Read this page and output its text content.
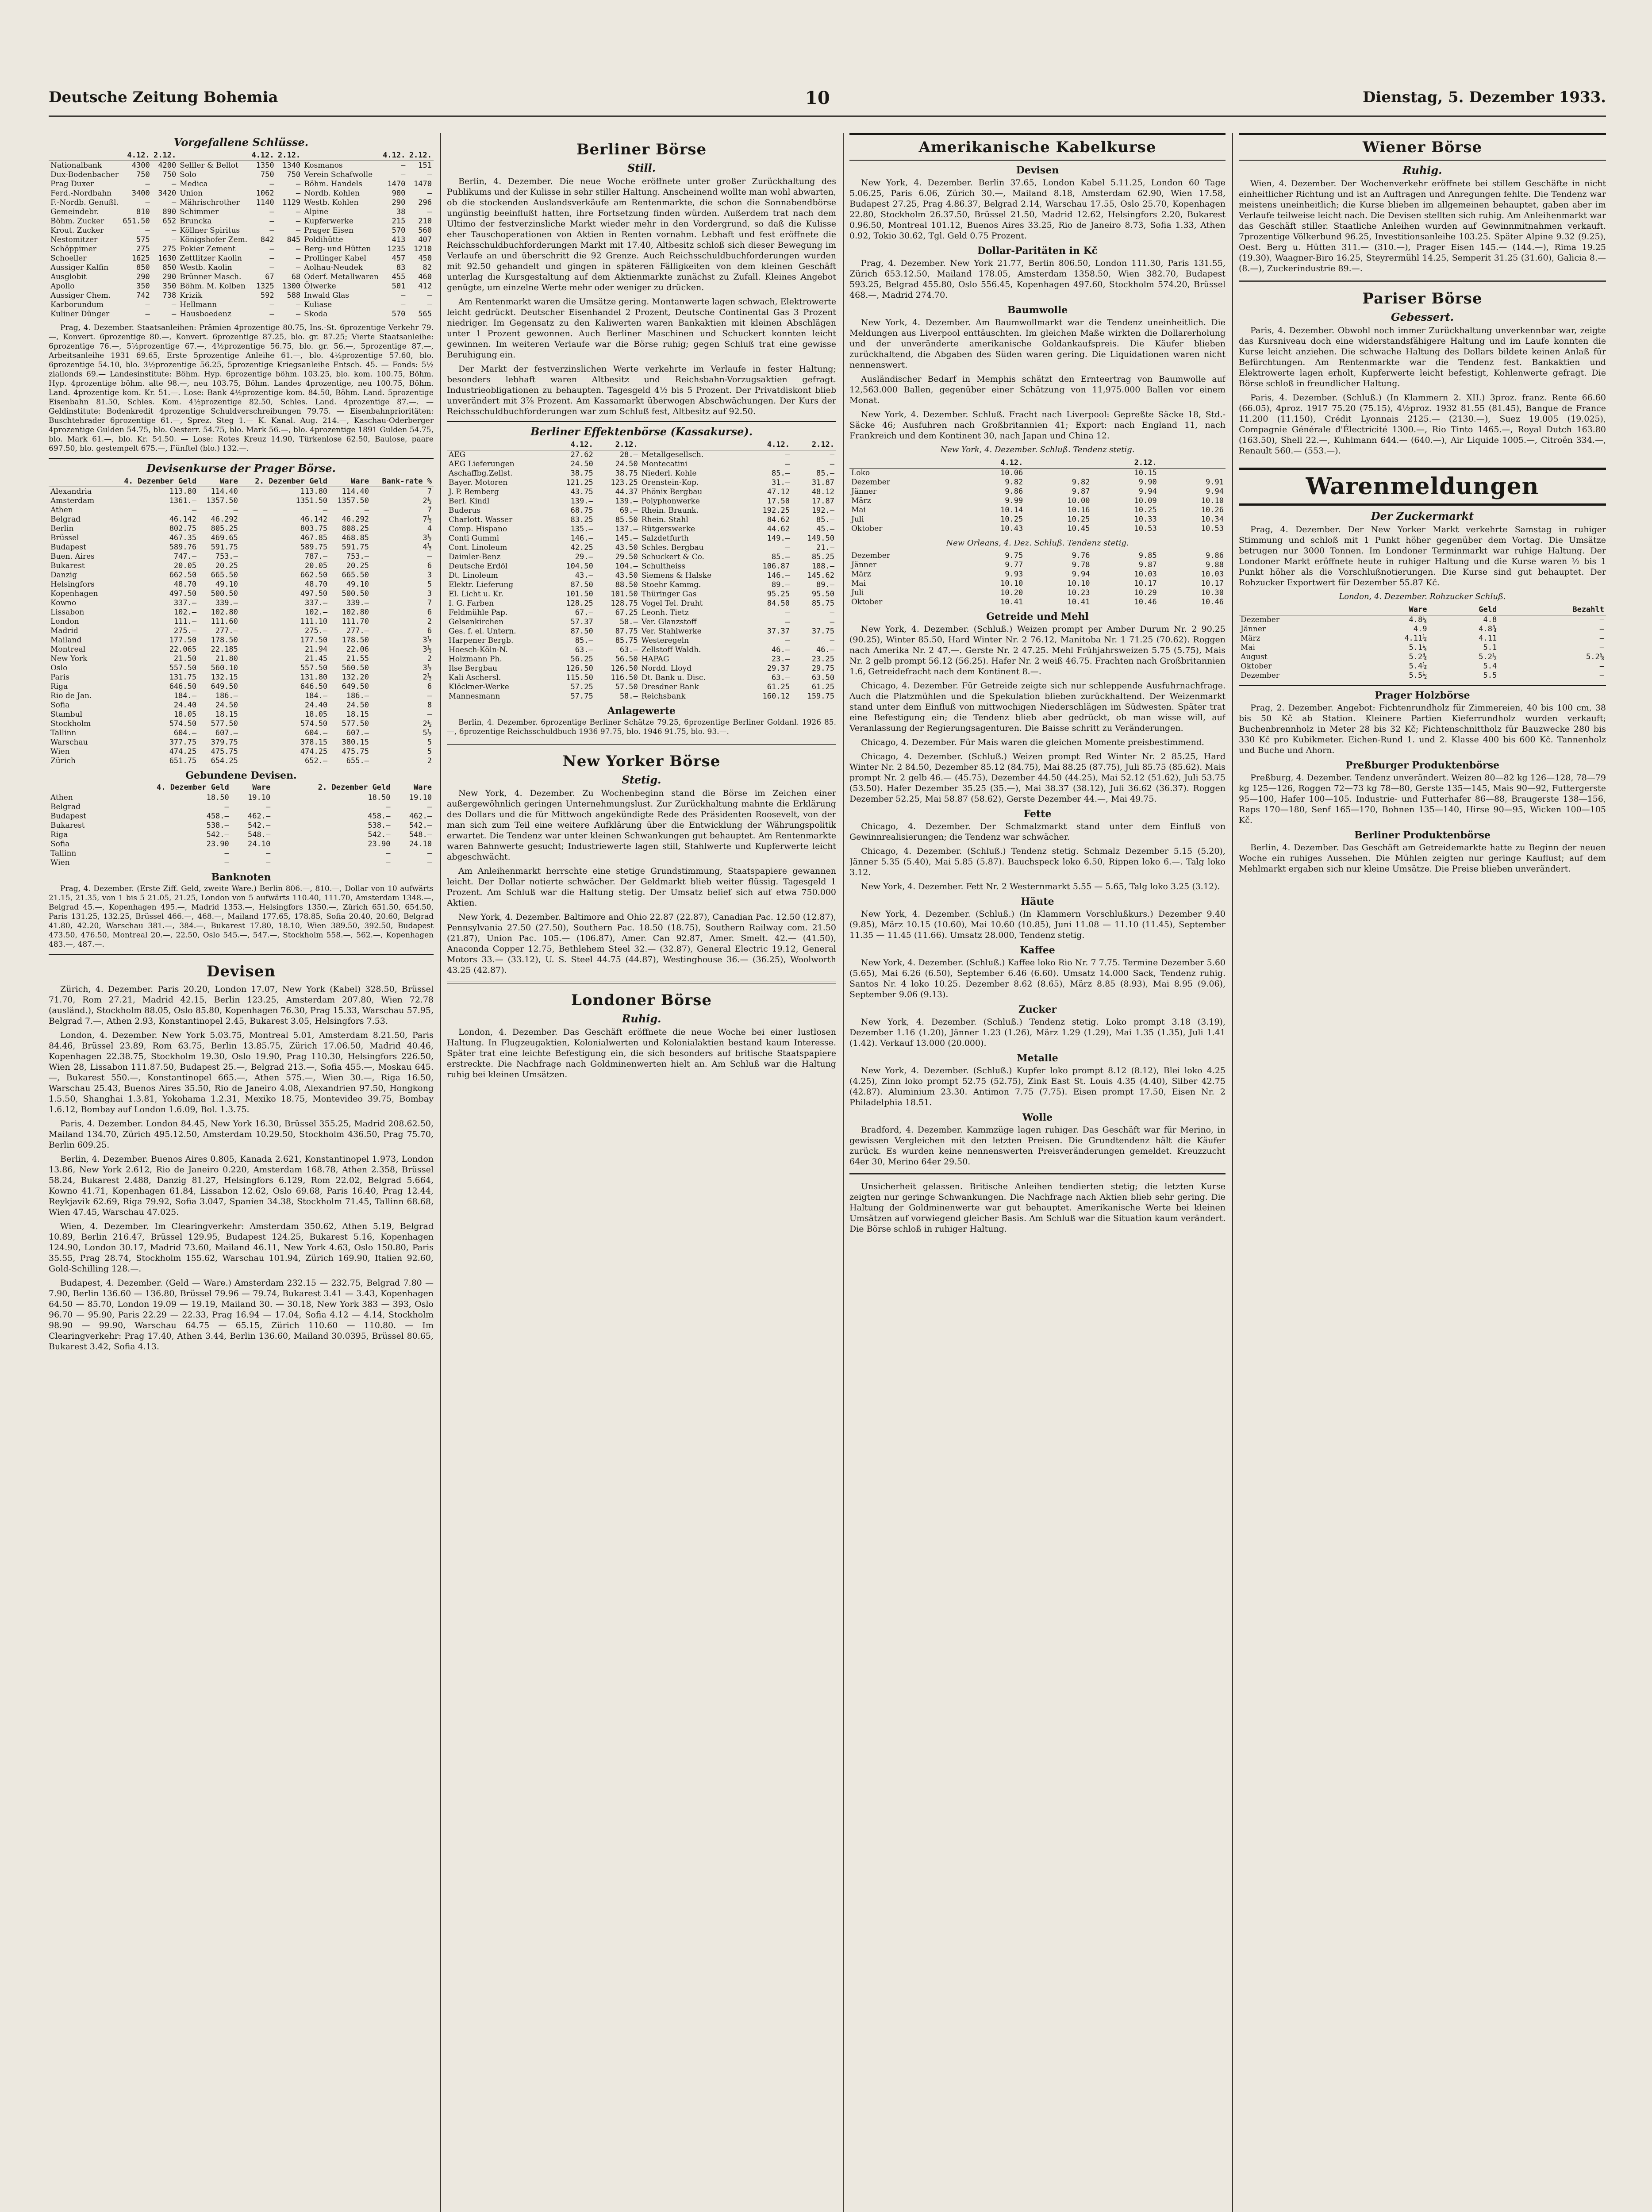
Deutsche Zeitung Bohemia	10	Dienstag, 5. Dezember 1933.
Vorgefallene Schlüsse.
	4.12.	2.12.		4.12.	2.12.		4.12.	2.12.
Nationalbank	4300	4200	Selller & Bellot	1350	1340	Kosmanos	—	151
Dux-Bodenbacher	750	750	Solo	750	750	Verein Schafwolle	—	—
Prag Duxer	—	—	Medica	—	—	Böhm. Handels	1470	1470
Ferd.-Nordbahn	3400	3420	Union	1062	—	Nordb. Kohlen	900	—
F.-Nordb. Genußl.	—	—	Mährischrother	1140	1129	Westb. Kohlen	290	296
Gemeindebr.	810	890	Schimmer	—	—	Alpine	38	—
Böhm. Zucker	651.50	652	Bruncka	—	—	Kupferwerke	215	210
Krout. Zucker	—	—	Köllner Spiritus	—	—	Prager Eisen	570	560
Nestomitzer	575	—	Königshofer Zem.	842	845	Poldihütte	413	407
Schöppimer	275	275	Pokier Zement	—	—	Berg- und Hütten	1235	1210
Schoeller	1625	1630	Zettlitzer Kaolin	—	—	Prollinger Kabel	457	450
Aussiger Kalfin	850	850	Westb. Kaolin	—	—	Aolhau-Neudek	83	82
Ausglobit	290	290	Brünner Masch.	67	68	Oderf. Metallwaren	455	460
Apollo	350	350	Böhm. M. Kolben	1325	1300	Ölwerke	501	412
Aussiger Chem.	742	738	Krizik	592	588	Inwald Glas	—	—
Karborundum	—	—	Hellmann	—	—	Kuliase	—	—
Kuliner Dünger	—	—	Hausboedenz	—	—	Skoda	570	565

Prag, 4. Dezember. Staatsanleihen: Prämien 4prozentige 80.75, Ins.-St. 6prozentige Verkehr 79.—, Konvert. 6prozentige 80.—, Konvert. 6prozentige 87.25, blo. gr. 87.25; Vierte Staatsanleihe: 6prozentige 76.—, 5½prozentige 67.—, 4½prozentige 56.75, blo. gr. 56.—, 5prozentige 87.—, Arbeitsanleihe 1931 69.65, Erste 5prozentige Anleihe 61.—, blo. 4½prozentige 57.60, blo. 6prozentige 54.10, blo. 3½prozentige 56.25, 5prozentige Kriegsanleihe Entsch. 45. — Fonds: 5½ ziallonds 69.— Landesinstitute: Böhm. Hyp. 6prozentige böhm. 103.25, blo. kom. 100.75, Böhm. Hyp. 4prozentige böhm. alte 98.—, neu 103.75, Böhm. Landes 4prozentige, neu 100.75, Böhm. Land. 4prozentige kom. Kr. 51.—. Lose: Bank 4½prozentige kom. 84.50, Böhm. Land. 5prozentige Eisenbahn 81.50, Schles. Kom. 4½prozentige 82.50, Schles. Land. 4prozentige 87.—. — Geldinstitute: Bodenkredit 4prozentige Schuldverschreibungen 79.75. — Eisenbahnprioritäten: Buschtehrader 6prozentige 61.—, Sprez. Steg 1.— K. Kanal. Aug. 214.—, Kaschau-Oderberger 4prozentige Gulden 54.75, blo. Oesterr. 54.75, blo. Mark 56.—, blo. 4prozentige 1891 Gulden 54.75, blo. Mark 61.—, blo. Kr. 54.50. — Lose: Rotes Kreuz 14.90, Türkenlose 62.50, Baulose, paare 697.50, blo. gestempelt 675.—, Fünftel (blo.) 132.—.

Devisenkurse der Prager Börse.
	4. Dezember Geld	Ware	2. Dezember Geld	Ware	Bank-rate %
Alexandria	113.80	114.40	113.80	114.40	7
Amsterdam	1361.—	1357.50	1351.50	1357.50	2½
Athen	—	—	—	—	7
Belgrad	46.142	46.292	46.142	46.292	7½
Berlin	802.75	805.25	803.75	808.25	4
Brüssel	467.35	469.65	467.85	468.85	3½
Budapest	589.76	591.75	589.75	591.75	4½
Buen. Aires	747.—	753.—	787.—	753.—	—
Bukarest	20.05	20.25	20.05	20.25	6
Danzig	662.50	665.50	662.50	665.50	3
Helsingfors	48.70	49.10	48.70	49.10	5
Kopenhagen	497.50	500.50	497.50	500.50	3
Kowno	337.—	339.—	337.—	339.—	7
Lissabon	102.—	102.80	102.—	102.80	6
London	111.—	111.60	111.10	111.70	2
Madrid	275.—	277.—	275.—	277.—	6
Mailand	177.50	178.50	177.50	178.50	3½
Montreal	22.065	22.185	21.94	22.06	3½
New York	21.50	21.80	21.45	21.55	2
Oslo	557.50	560.10	557.50	560.50	3½
Paris	131.75	132.15	131.80	132.20	2½
Riga	646.50	649.50	646.50	649.50	6
Rio de Jan.	184.—	186.—	184.—	186.—	—
Sofia	24.40	24.50	24.40	24.50	8
Stambul	18.05	18.15	18.05	18.15	—
Stockholm	574.50	577.50	574.50	577.50	2½
Tallinn	604.—	607.—	604.—	607.—	5½
Warschau	377.75	379.75	378.15	380.15	5
Wien	474.25	475.75	474.25	475.75	5
Zürich	651.75	654.25	652.—	655.—	2
Gebundene Devisen.
	4. Dezember Geld	Ware	2. Dezember Geld	Ware
Athen	18.50	19.10	18.50	19.10
Belgrad	—	—	—	—
Budapest	458.—	462.—	458.—	462.—
Bukarest	538.—	542.—	538.—	542.—
Riga	542.—	548.—	542.—	548.—
Sofia	23.90	24.10	23.90	24.10
Tallinn	—	—	—	—
Wien	—	—	—	—
Banknoten

Prag, 4. Dezember. (Erste Ziff. Geld, zweite Ware.) Berlin 806.—, 810.—, Dollar von 10 aufwärts 21.15, 21.35, von 1 bis 5 21.05, 21.25, London von 5 aufwärts 110.40, 111.70, Amsterdam 1348.—, Belgrad 45.—, Kopenhagen 495.—, Madrid 1353.—, Helsingfors 1350.—, Zürich 651.50, 654.50, Paris 131.25, 132.25, Brüssel 466.—, 468.—, Mailand 177.65, 178.85, Sofia 20.40, 20.60, Belgrad 41.80, 42.20, Warschau 381.—, 384.—, Bukarest 17.80, 18.10, Wien 389.50, 392.50, Budapest 473.50, 476.50, Montreal 20.—, 22.50, Oslo 545.—, 547.—, Stockholm 558.—, 562.—, Kopenhagen 483.—, 487.—.

Devisen

Zürich, 4. Dezember. Paris 20.20, London 17.07, New York (Kabel) 328.50, Brüssel 71.70, Rom 27.21, Madrid 42.15, Berlin 123.25, Amsterdam 207.80, Wien 72.78 (ausländ.), Stockholm 88.05, Oslo 85.80, Kopenhagen 76.30, Prag 15.33, Warschau 57.95, Belgrad 7.—, Athen 2.93, Konstantinopel 2.45, Bukarest 3.05, Helsingfors 7.53.

London, 4. Dezember. New York 5.03.75, Montreal 5.01, Amsterdam 8.21.50, Paris 84.46, Brüssel 23.89, Rom 63.75, Berlin 13.85.75, Zürich 17.06.50, Madrid 40.46, Kopenhagen 22.38.75, Stockholm 19.30, Oslo 19.90, Prag 110.30, Helsingfors 226.50, Wien 28, Lissabon 111.87.50, Budapest 25.—, Belgrad 213.—, Sofia 455.—, Moskau 645.—, Bukarest 550.—, Konstantinopel 665.—, Athen 575.—, Wien 30.—, Riga 16.50, Warschau 25.43, Buenos Aires 35.50, Rio de Janeiro 4.08, Alexandrien 97.50, Hongkong 1.5.50, Shanghai 1.3.81, Yokohama 1.2.31, Mexiko 18.75, Montevideo 39.75, Bombay 1.6.12, Bombay auf London 1.6.09, Bol. 1.3.75.

Paris, 4. Dezember. London 84.45, New York 16.30, Brüssel 355.25, Madrid 208.62.50, Mailand 134.70, Zürich 495.12.50, Amsterdam 10.29.50, Stockholm 436.50, Prag 75.70, Berlin 609.25.

Berlin, 4. Dezember. Buenos Aires 0.805, Kanada 2.621, Konstantinopel 1.973, London 13.86, New York 2.612, Rio de Janeiro 0.220, Amsterdam 168.78, Athen 2.358, Brüssel 58.24, Bukarest 2.488, Danzig 81.27, Helsingfors 6.129, Rom 22.02, Belgrad 5.664, Kowno 41.71, Kopenhagen 61.84, Lissabon 12.62, Oslo 69.68, Paris 16.40, Prag 12.44, Reykjavik 62.69, Riga 79.92, Sofia 3.047, Spanien 34.38, Stockholm 71.45, Tallinn 68.68, Wien 47.45, Warschau 47.025.

Wien, 4. Dezember. Im Clearingverkehr: Amsterdam 350.62, Athen 5.19, Belgrad 10.89, Berlin 216.47, Brüssel 129.95, Budapest 124.25, Bukarest 5.16, Kopenhagen 124.90, London 30.17, Madrid 73.60, Mailand 46.11, New York 4.63, Oslo 150.80, Paris 35.55, Prag 28.74, Stockholm 155.62, Warschau 101.94, Zürich 169.90, Italien 92.60, Gold-Schilling 128.—.

Budapest, 4. Dezember. (Geld — Ware.) Amsterdam 232.15 — 232.75, Belgrad 7.80 — 7.90, Berlin 136.60 — 136.80, Brüssel 79.96 — 79.74, Bukarest 3.41 — 3.43, Kopenhagen 64.50 — 85.70, London 19.09 — 19.19, Mailand 30. — 30.18, New York 383 — 393, Oslo 96.70 — 95.90, Paris 22.29 — 22.33, Prag 16.94 — 17.04, Sofia 4.12 — 4.14, Stockholm 98.90 — 99.90, Warschau 64.75 — 65.15, Zürich 110.60 — 110.80. — Im Clearingverkehr: Prag 17.40, Athen 3.44, Berlin 136.60, Mailand 30.0395, Brüssel 80.65, Bukarest 3.42, Sofia 4.13.

Berliner Börse
Still.

Berlin, 4. Dezember. Die neue Woche eröffnete unter großer Zurückhaltung des Publikums und der Kulisse in sehr stiller Haltung. Anscheinend wollte man wohl abwarten, ob die stockenden Auslandsverkäufe am Rentenmarkte, die schon die Sonnabendbörse ungünstig beeinflußt hatten, ihre Fortsetzung finden würden. Außerdem trat nach dem Ultimo der festverzinsliche Markt wieder mehr in den Vordergrund, so daß die Kulisse eher Tauschoperationen von Aktien in Renten vornahm. Lebhaft und fest eröffnete die Reichsschuldbuchforderungen Markt mit 17.40, Altbesitz schloß sich dieser Bewegung im Verlaufe an und überschritt die 92 Grenze. Auch Reichsschuldbuchforderungen wurden mit 92.50 gehandelt und gingen in späteren Fälligkeiten von dem kleinen Geschäft unterlag die Kursgestaltung auf dem Aktienmarkte zunächst zu Zufall. Kleines Angebot genügte, um einzelne Werte mehr oder weniger zu drücken.

Am Rentenmarkt waren die Umsätze gering. Montanwerte lagen schwach, Elektrowerte leicht gedrückt. Deutscher Eisenhandel 2 Prozent, Deutsche Continental Gas 3 Prozent niedriger. Im Gegensatz zu den Kaliwerten waren Bankaktien mit kleinen Abschlägen unter 1 Prozent gewonnen. Auch Berliner Maschinen und Schuckert konnten leicht gewinnen. Im weiteren Verlaufe war die Börse ruhig; gegen Schluß trat eine gewisse Beruhigung ein.

Der Markt der festverzinslichen Werte verkehrte im Verlaufe in fester Haltung; besonders lebhaft waren Altbesitz und Reichsbahn-Vorzugsaktien gefragt. Industrieobligationen zu behaupten. Tagesgeld 4½ bis 5 Prozent. Der Privatdiskont blieb unverändert mit 3⅞ Prozent. Am Kassamarkt überwogen Abschwächungen. Der Kurs der Reichsschuldbuchforderungen war zum Schluß fest, Altbesitz auf 92.50.

Berliner Effektenbörse (Kassakurse).
	4.12.	2.12.		4.12.	2.12.
AEG	27.62	28.—	Metallgesellsch.	—	—
AEG Lieferungen	24.50	24.50	Montecatini	—	—
Aschaffbg.Zellst.	38.75	38.75	Niederl. Kohle	85.—	85.—
Bayer. Motoren	121.25	123.25	Orenstein-Kop.	31.—	31.87
J. P. Bemberg	43.75	44.37	Phönix Bergbau	47.12	48.12
Berl. Kindl	139.—	139.—	Polyphonwerke	17.50	17.87
Buderus	68.75	69.—	Rhein. Braunk.	192.25	192.—
Charlott. Wasser	83.25	85.50	Rhein. Stahl	84.62	85.—
Comp. Hispano	135.—	137.—	Rütgerswerke	44.62	45.—
Conti Gummi	146.—	145.—	Salzdetfurth	149.—	149.50
Cont. Linoleum	42.25	43.50	Schles. Bergbau	—	21.—
Daimler-Benz	29.—	29.50	Schuckert & Co.	85.—	85.25
Deutsche Erdöl	104.50	104.—	Schultheiss	106.87	108.—
Dt. Linoleum	43.—	43.50	Siemens & Halske	146.—	145.62
Elektr. Lieferung	87.50	88.50	Stoehr Kammg.	89.—	89.—
El. Licht u. Kr.	101.50	101.50	Thüringer Gas	95.25	95.50
I. G. Farben	128.25	128.75	Vogel Tel. Draht	84.50	85.75
Feldmühle Pap.	67.—	67.25	Leonh. Tietz	—	—
Gelsenkirchen	57.37	58.—	Ver. Glanzstoff	—	—
Ges. f. el. Untern.	87.50	87.75	Ver. Stahlwerke	37.37	37.75
Harpener Bergb.	85.—	85.75	Westeregeln	—	—
Hoesch-Köln-N.	63.—	63.—	Zellstoff Waldh.	46.—	46.—
Holzmann Ph.	56.25	56.50	HAPAG	23.—	23.25
Ilse Bergbau	126.50	126.50	Nordd. Lloyd	29.37	29.75
Kali Aschersl.	115.50	116.50	Dt. Bank u. Disc.	63.—	63.50
Klöckner-Werke	57.25	57.50	Dresdner Bank	61.25	61.25
Mannesmann	57.75	58.—	Reichsbank	160.12	159.75
Anlagewerte

Berlin, 4. Dezember. 6prozentige Berliner Schätze 79.25, 6prozentige Berliner Goldanl. 1926 85.—, 6prozentige Reichsschuldbuch 1936 97.75, blo. 1946 91.75, blo. 93.—.

New Yorker Börse
Stetig.

New York, 4. Dezember. Zu Wochenbeginn stand die Börse im Zeichen einer außergewöhnlich geringen Unternehmungslust. Zur Zurückhaltung mahnte die Erklärung des Dollars und die für Mittwoch angekündigte Rede des Präsidenten Roosevelt, von der man sich zum Teil eine weitere Aufklärung über die Entwicklung der Währungspolitik erwartet. Die Tendenz war unter kleinen Schwankungen gut behauptet. Am Rentenmarkte waren Bahnwerte gesucht; Industriewerte lagen still, Stahlwerte und Kupferwerte leicht abgeschwächt.

Am Anleihenmarkt herrschte eine stetige Grundstimmung, Staatspapiere gewannen leicht. Der Dollar notierte schwächer. Der Geldmarkt blieb weiter flüssig. Tagesgeld 1 Prozent. Am Schluß war die Haltung stetig. Der Umsatz belief sich auf etwa 750.000 Aktien.

New York, 4. Dezember. Baltimore and Ohio 22.87 (22.87), Canadian Pac. 12.50 (12.87), Pennsylvania 27.50 (27.50), Southern Pac. 18.50 (18.75), Southern Railway com. 21.50 (21.87), Union Pac. 105.— (106.87), Amer. Can 92.87, Amer. Smelt. 42.— (41.50), Anaconda Copper 12.75, Bethlehem Steel 32.— (32.87), General Electric 19.12, General Motors 33.— (33.12), U. S. Steel 44.75 (44.87), Westinghouse 36.— (36.25), Woolworth 43.25 (42.87).

Londoner Börse
Ruhig.

London, 4. Dezember. Das Geschäft eröffnete die neue Woche bei einer lustlosen Haltung. In Flugzeugaktien, Kolonialwerten und Kolonialaktien bestand kaum Interesse. Später trat eine leichte Befestigung ein, die sich besonders auf britische Staatspapiere erstreckte. Die Nachfrage nach Goldminenwerten hielt an. Am Schluß war die Haltung ruhig bei kleinen Umsätzen.

Amerikanische Kabelkurse
Devisen

New York, 4. Dezember. Berlin 37.65, London Kabel 5.11.25, London 60 Tage 5.06.25, Paris 6.06, Zürich 30.—, Mailand 8.18, Amsterdam 62.90, Wien 17.58, Budapest 27.25, Prag 4.86.37, Belgrad 2.14, Warschau 17.55, Oslo 25.70, Kopenhagen 22.80, Stockholm 26.37.50, Brüssel 21.50, Madrid 12.62, Helsingfors 2.20, Bukarest 0.96.50, Montreal 101.12, Buenos Aires 33.25, Rio de Janeiro 8.73, Sofia 1.33, Athen 0.92, Tokio 30.62, Tgl. Geld 0.75 Prozent.

Dollar-Paritäten in Kč

Prag, 4. Dezember. New York 21.77, Berlin 806.50, London 111.30, Paris 131.55, Zürich 653.12.50, Mailand 178.05, Amsterdam 1358.50, Wien 382.70, Budapest 593.25, Belgrad 455.80, Oslo 556.45, Kopenhagen 497.60, Stockholm 574.20, Brüssel 468.—, Madrid 274.70.

Baumwolle

New York, 4. Dezember. Am Baumwollmarkt war die Tendenz uneinheitlich. Die Meldungen aus Liverpool enttäuschten. Im gleichen Maße wirkten die Dollarerholung und der unveränderte amerikanische Goldankaufspreis. Die Käufer blieben zurückhaltend, die Abgaben des Süden waren gering. Die Liquidationen waren nicht nennenswert.

Ausländischer Bedarf in Memphis schätzt den Ernteertrag von Baumwolle auf 12,563.000 Ballen, gegenüber einer Schätzung von 11,975.000 Ballen vor einem Monat.

New York, 4. Dezember. Schluß. Fracht nach Liverpool: Gepreßte Säcke 18, Std.-Säcke 46; Ausfuhren nach Großbritannien 41; Export: nach England 11, nach Frankreich und dem Kontinent 30, nach Japan und China 12.

New York, 4. Dezember. Schluß. Tendenz stetig.
	4.12.		2.12.	
Loko	10.06		10.15	
Dezember	9.82	9.82	9.90	9.91
Jänner	9.86	9.87	9.94	9.94
März	9.99	10.00	10.09	10.10
Mai	10.14	10.16	10.25	10.26
Juli	10.25	10.25	10.33	10.34
Oktober	10.43	10.45	10.53	10.53
New Orleans, 4. Dez. Schluß. Tendenz stetig.
Dezember	9.75	9.76	9.85	9.86
Jänner	9.77	9.78	9.87	9.88
März	9.93	9.94	10.03	10.03
Mai	10.10	10.10	10.17	10.17
Juli	10.20	10.23	10.29	10.30
Oktober	10.41	10.41	10.46	10.46
Getreide und Mehl

New York, 4. Dezember. (Schluß.) Weizen prompt per Amber Durum Nr. 2 90.25 (90.25), Winter 85.50, Hard Winter Nr. 2 76.12, Manitoba Nr. 1 71.25 (70.62). Roggen nach Amerika Nr. 2 47.—. Gerste Nr. 2 47.25. Mehl Frühjahrsweizen 5.75 (5.75), Mais Nr. 2 gelb prompt 56.12 (56.25). Hafer Nr. 2 weiß 46.75. Frachten nach Großbritannien 1.6, Getreidefracht nach dem Kontinent 8.—.

Chicago, 4. Dezember. Für Getreide zeigte sich nur schleppende Ausfuhrnachfrage. Auch die Platzmühlen und die Spekulation blieben zurückhaltend. Der Weizenmarkt stand unter dem Einfluß von mittwochigen Niederschlägen im Südwesten. Später trat eine Befestigung ein; die Tendenz blieb aber gedrückt, ob man wisse will, auf Veranlassung der Regierungsagenturen. Die Baisse schritt zu Veränderungen.

Chicago, 4. Dezember. Für Mais waren die gleichen Momente preisbestimmend.

Chicago, 4. Dezember. (Schluß.) Weizen prompt Red Winter Nr. 2 85.25, Hard Winter Nr. 2 84.50, Dezember 85.12 (84.75), Mai 88.25 (87.75), Juli 85.75 (85.62). Mais prompt Nr. 2 gelb 46.— (45.75), Dezember 44.50 (44.25), Mai 52.12 (51.62), Juli 53.75 (53.50). Hafer Dezember 35.25 (35.—), Mai 38.37 (38.12), Juli 36.62 (36.37). Roggen Dezember 52.25, Mai 58.87 (58.62), Gerste Dezember 44.—, Mai 49.75.

Fette

Chicago, 4. Dezember. Der Schmalzmarkt stand unter dem Einfluß von Gewinnrealisierungen; die Tendenz war schwächer.

Chicago, 4. Dezember. (Schluß.) Tendenz stetig. Schmalz Dezember 5.15 (5.20), Jänner 5.35 (5.40), Mai 5.85 (5.87). Bauchspeck loko 6.50, Rippen loko 6.—. Talg loko 3.12.

New York, 4. Dezember. Fett Nr. 2 Westernmarkt 5.55 — 5.65, Talg loko 3.25 (3.12).

Häute

New York, 4. Dezember. (Schluß.) (In Klammern Vorschlußkurs.) Dezember 9.40 (9.85), März 10.15 (10.60), Mai 10.60 (10.85), Juni 11.08 — 11.10 (11.45), September 11.35 — 11.45 (11.66). Umsatz 28.000, Tendenz stetig.

Kaffee

New York, 4. Dezember. (Schluß.) Kaffee loko Rio Nr. 7 7.75. Termine Dezember 5.60 (5.65), Mai 6.26 (6.50), September 6.46 (6.60). Umsatz 14.000 Sack, Tendenz ruhig. Santos Nr. 4 loko 10.25. Dezember 8.62 (8.65), März 8.85 (8.93), Mai 8.95 (9.06), September 9.06 (9.13).

Zucker

New York, 4. Dezember. (Schluß.) Tendenz stetig. Loko prompt 3.18 (3.19), Dezember 1.16 (1.20), Jänner 1.23 (1.26), März 1.29 (1.29), Mai 1.35 (1.35), Juli 1.41 (1.42). Verkauf 13.000 (20.000).

Metalle

New York, 4. Dezember. (Schluß.) Kupfer loko prompt 8.12 (8.12), Blei loko 4.25 (4.25), Zinn loko prompt 52.75 (52.75), Zink East St. Louis 4.35 (4.40), Silber 42.75 (42.87). Aluminium 23.30. Antimon 7.75 (7.75). Eisen prompt 17.50, Eisen Nr. 2 Philadelphia 18.51.

Wolle

Bradford, 4. Dezember. Kammzüge lagen ruhiger. Das Geschäft war für Merino, in gewissen Vergleichen mit den letzten Preisen. Die Grundtendenz hält die Käufer zurück. Es wurden keine nennenswerten Preisveränderungen gemeldet. Kreuzzucht 64er 30, Merino 64er 29.50.

Unsicherheit gelassen. Britische Anleihen tendierten stetig; die letzten Kurse zeigten nur geringe Schwankungen. Die Nachfrage nach Aktien blieb sehr gering. Die Haltung der Goldminenwerte war gut behauptet. Amerikanische Werte bei kleinen Umsätzen auf vorwiegend gleicher Basis. Am Schluß war die Situation kaum verändert. Die Börse schloß in ruhiger Haltung.

Wiener Börse
Ruhig.

Wien, 4. Dezember. Der Wochenverkehr eröffnete bei stillem Geschäfte in nicht einheitlicher Richtung und ist an Auftragen und Anregungen fehlte. Die Tendenz war meistens uneinheitlich; die Kurse blieben im allgemeinen behauptet, gaben aber im Verlaufe teilweise leicht nach. Die Devisen stellten sich ruhig. Am Anleihenmarkt war das Geschäft stiller. Staatliche Anleihen wurden auf Gewinnmitnahmen verkauft. 7prozentige Völkerbund 96.25, Investitionsanleihe 103.25. Später Alpine 9.32 (9.25), Oest. Berg u. Hütten 311.— (310.—), Prager Eisen 145.— (144.—), Rima 19.25 (19.30), Waagner-Biro 16.25, Steyrermühl 14.25, Semperit 31.25 (31.60), Galicia 8.— (8.—), Zuckerindustrie 89.—.

Pariser Börse
Gebessert.

Paris, 4. Dezember. Obwohl noch immer Zurückhaltung unverkennbar war, zeigte das Kursniveau doch eine widerstandsfähigere Haltung und im Laufe konnten die Kurse leicht anziehen. Die schwache Haltung des Dollars bildete keinen Anlaß für Befürchtungen. Am Rentenmarkte war die Tendenz fest. Bankaktien und Elektrowerte lagen erholt, Kupferwerte leicht befestigt, Kohlenwerte gefragt. Die Börse schloß in freundlicher Haltung.

Paris, 4. Dezember. (Schluß.) (In Klammern 2. XII.) 3proz. franz. Rente 66.60 (66.05), 4proz. 1917 75.20 (75.15), 4½proz. 1932 81.55 (81.45), Banque de France 11.200 (11.150), Crédit Lyonnais 2125.— (2130.—), Suez 19.005 (19.025), Compagnie Générale d'Électricité 1300.—, Rio Tinto 1465.—, Royal Dutch 163.80 (163.50), Shell 22.—, Kuhlmann 644.— (640.—), Air Liquide 1005.—, Citroën 334.—, Renault 560.— (553.—).

Warenmeldungen
Der Zuckermarkt

Prag, 4. Dezember. Der New Yorker Markt verkehrte Samstag in ruhiger Stimmung und schloß mit 1 Punkt höher gegenüber dem Vortag. Die Umsätze betrugen nur 3000 Tonnen. Im Londoner Terminmarkt war ruhige Haltung. Der Londoner Markt eröffnete heute in ruhiger Haltung und die Kurse waren ½ bis 1 Punkt höher als die Vorschlußnotierungen. Die Kurse sind gut behauptet. Der Rohzucker Exportwert für Dezember 55.87 Kč.

London, 4. Dezember. Rohzucker Schluß.
	Ware		Geld		Bezahlt
Dezember	4.8¼		4.8		—
Jänner	4.9		4.8¾		—
März	4.11¼		4.11		—
Mai	5.1¼		5.1		—
August	5.2¾		5.2½		5.2⅝
Oktober	5.4¼		5.4		—
Dezember	5.5½		5.5		—
Prager Holzbörse

Prag, 2. Dezember. Angebot: Fichtenrundholz für Zimmereien, 40 bis 100 cm, 38 bis 50 Kč ab Station. Kleinere Partien Kieferrundholz wurden verkauft; Buchenbrennholz in Meter 28 bis 32 Kč; Fichtenschnittholz für Bauzwecke 280 bis 330 Kč pro Kubikmeter. Eichen-Rund 1. und 2. Klasse 400 bis 600 Kč. Tannenholz und Buche und Ahorn.

Preßburger Produktenbörse

Preßburg, 4. Dezember. Tendenz unverändert. Weizen 80—82 kg 126—128, 78—79 kg 125—126, Roggen 72—73 kg 78—80, Gerste 135—145, Mais 90—92, Futtergerste 95—100, Hafer 100—105. Industrie- und Futterhafer 86—88, Braugerste 138—156, Raps 170—180, Senf 165—170, Bohnen 135—140, Hirse 90—95, Wicken 100—105 Kč.

Berliner Produktenbörse

Berlin, 4. Dezember. Das Geschäft am Getreidemarkte hatte zu Beginn der neuen Woche ein ruhiges Aussehen. Die Mühlen zeigten nur geringe Kauflust; auf dem Mehlmarkt ergaben sich nur kleine Umsätze. Die Preise blieben unverändert.
